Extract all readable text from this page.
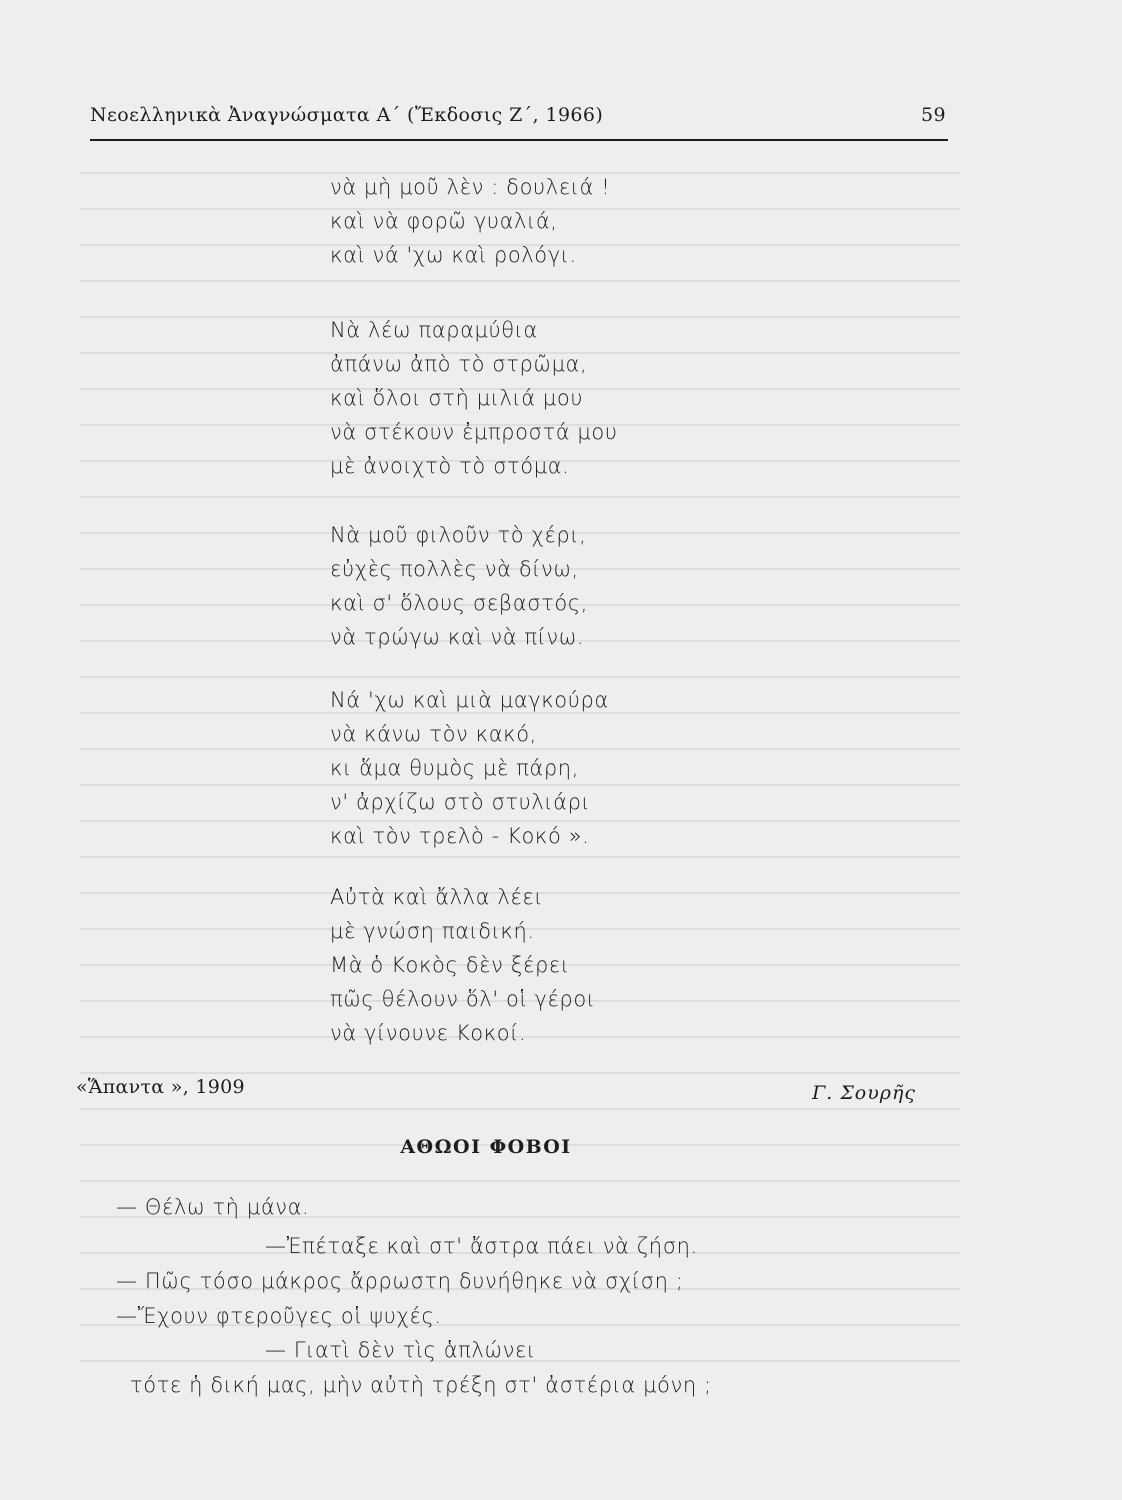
Νεοελληνικὰ Ἀναγνώσματα Α΄ (Ἔκδοσις Ζ΄, 1966)	59
νὰ μὴ μοῦ λὲν : δουλειά !
καὶ νὰ φορῶ γυαλιά,
καὶ νά 'χω καὶ ρολόγι.
Νὰ λέω παραμύθια
ἀπάνω ἀπὸ τὸ στρῶμα,
καὶ ὅλοι στὴ μιλιά μου
νὰ στέκουν ἐμπροστά μου
μὲ ἀνοιχτὸ τὸ στόμα.
Νὰ μοῦ φιλοῦν τὸ χέρι,
εὐχὲς πολλὲς νὰ δίνω,
καὶ σ' ὅλους σεβαστός,
νὰ τρώγω καὶ νὰ πίνω.
Νά 'χω καὶ μιὰ μαγκούρα
νὰ κάνω τὸν κακό,
κι ἅμα θυμὸς μὲ πάρη,
ν' ἀρχίζω στὸ στυλιάρι
καὶ τὸν τρελὸ - Κοκό ».
Αὐτὰ καὶ ἄλλα λέει
μὲ γνώση παιδική.
Μὰ ὁ Κοκὸς δὲν ξέρει
πῶς θέλουν ὅλ' οἱ γέροι
νὰ γίνουνε Κοκοί.
«Ἅπαντα », 1909	Γ. Σουρῆς
ΑΘΩΟΙ ΦΟΒΟΙ
— Θέλω τὴ μάνα.
—Ἐπέταξε καὶ στ' ἄστρα πάει νὰ ζήση.
— Πῶς τόσο μάκρος ἄρρωστη δυνήθηκε νὰ σχίση ;
—Ἔχουν φτεροῦγες οἱ ψυχές.
— Γιατὶ δὲν τὶς ἁπλώνει
τότε ἡ δική μας, μὴν αὐτὴ τρέξη στ' ἀστέρια μόνη ;
